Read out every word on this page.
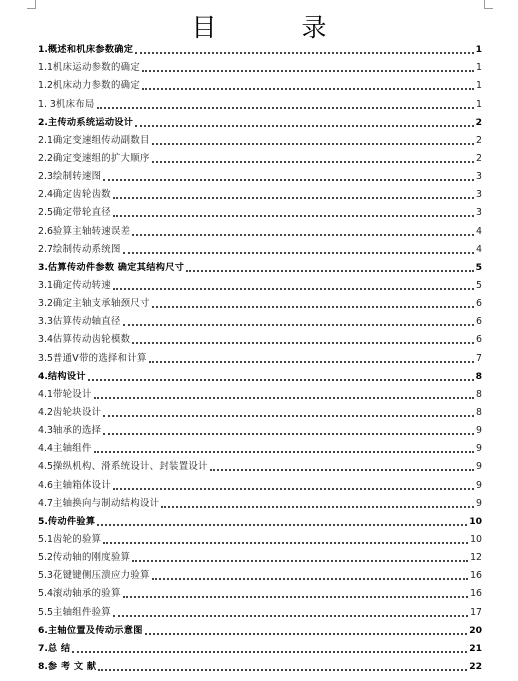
目　录
1. 概述和机床参数确定	1
1.1 机床运动参数的确定	1
1.2 机床动力参数的确定	1
1. 3 机床布局	1
2. 主传动系统运动设计	2
2.1 确定变速组传动副数目	2
2.2 确定变速组的扩大顺序	2
2.3 绘制转速图	3
2.4 确定齿轮齿数	3
2.5 确定带轮直径	3
2.6 验算主轴转速误差	4
2.7 绘制传动系统图	4
3. 估算传动件参数 确定其结构尺寸	5
3.1 确定传动转速	5
3.2 确定主轴支承轴颈尺寸	6
3.3 估算传动轴直径	6
3.4 估算传动齿轮模数	6
3.5 普通V带的选择和计算	7
4. 结构设计	8
4.1 带轮设计	8
4.2 齿轮块设计	8
4.3 轴承的选择	9
4.4 主轴组件	9
4.5 操纵机构、滑系统设计、封装置设计	9
4.6 主轴箱体设计	9
4.7 主轴换向与制动结构设计	9
5. 传动件验算	10
5.1 齿轮的验算	10
5.2 传动轴的刚度验算	12
5.3 花键键侧压溃应力验算	16
5.4 滚动轴承的验算	16
5.5 主轴组件验算	17
6. 主轴位置及传动示意图	20
7. 总 结	21
8. 参 考 文 献	22
